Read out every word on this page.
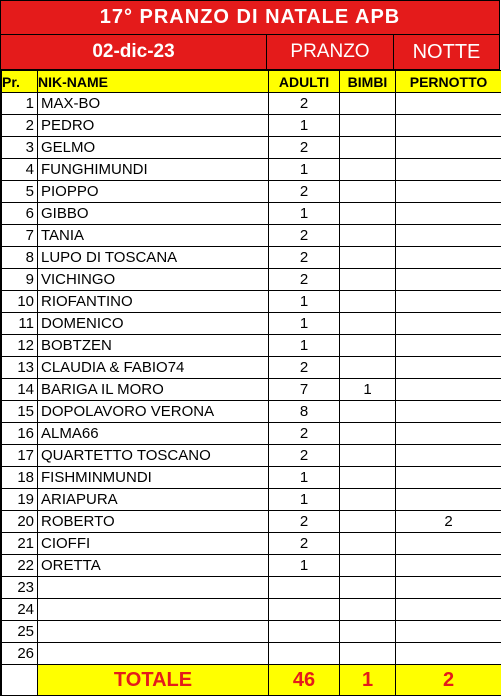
17° PRANZO DI NATALE APB
02-dic-23	PRANZO	NOTTE
Pr.	NIK-NAME	ADULTI	BIMBI	PERNOTTO
1	MAX-BO	2		
2	PEDRO	1		
3	GELMO	2		
4	FUNGHIMUNDI	1		
5	PIOPPO	2		
6	GIBBO	1		
7	TANIA	2		
8	LUPO DI TOSCANA	2		
9	VICHINGO	2		
10	RIOFANTINO	1		
11	DOMENICO	1		
12	BOBTZEN	1		
13	CLAUDIA & FABIO74	2		
14	BARIGA IL MORO	7	1	
15	DOPOLAVORO VERONA	8		
16	ALMA66	2		
17	QUARTETTO TOSCANO	2		
18	FISHMINMUNDI	1		
19	ARIAPURA	1		
20	ROBERTO	2		2
21	CIOFFI	2		
22	ORETTA	1		
23				
24				
25				
26				
	TOTALE	46	1	2
